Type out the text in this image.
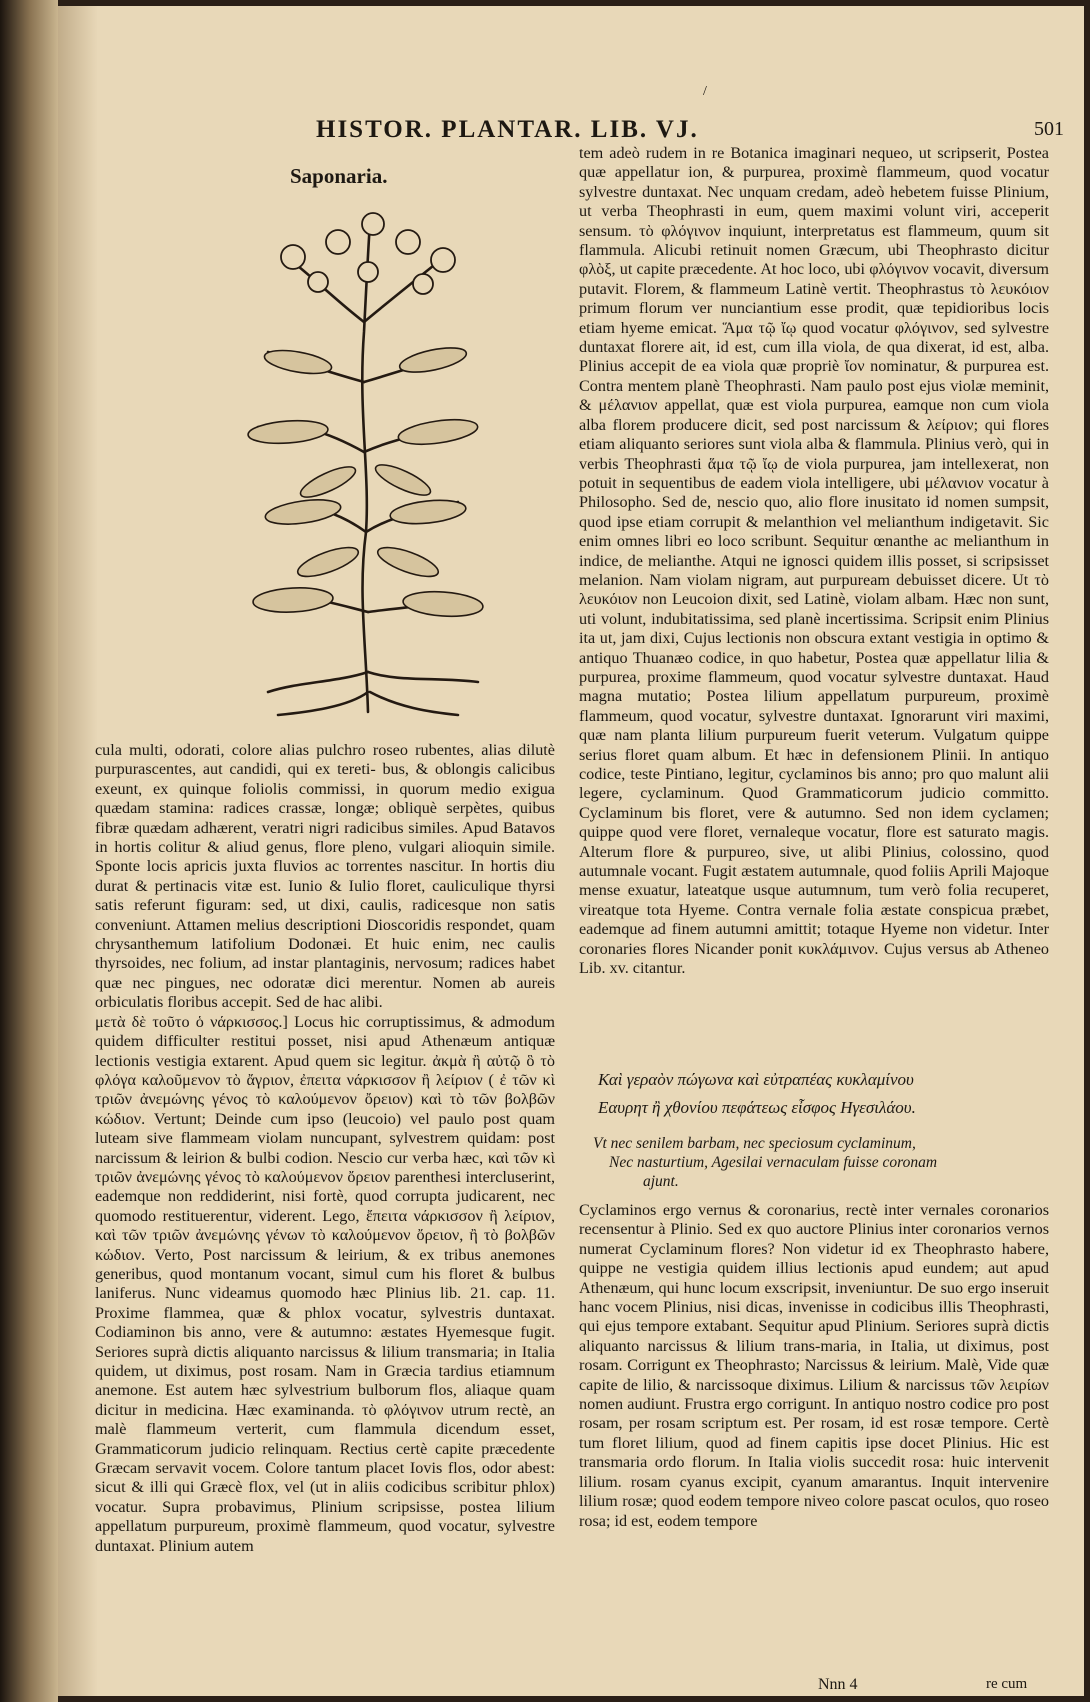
/
HISTOR. PLANTAR. LIB. VJ.	501
Saponaria.

cula multi, odorati, colore alias pulchro roseo rubentes, alias dilutè purpurascentes, aut candidi, qui ex tereti- bus, & oblongis calicibus exeunt, ex quinque foliolis commissi, in quorum medio exigua quædam stamina: radices crassæ, longæ; obliquè serpètes, quibus fibræ quædam adhærent, veratri nigri radicibus similes. Apud Batavos in hortis colitur & aliud genus, flore pleno, vulgari alioquin simile. Sponte locis apricis juxta fluvios ac torrentes nascitur. In hortis diu durat & pertinacis vitæ est. Iunio & Iulio floret, cauliculique thyrsi satis referunt figuram: sed, ut dixi, caulis, radicesque non satis conveniunt. Attamen melius descriptioni Dioscoridis respondet, quam chrysanthemum latifolium Dodonæi. Et huic enim, nec caulis thyrsoides, nec folium, ad instar plantaginis, nervosum; radices habet quæ nec pingues, nec odoratæ dici merentur. Nomen ab aureis orbiculatis floribus accepit. Sed de hac alibi.

μετὰ δὲ τοῦτο ὁ νάρκισσος.] Locus hic corruptissimus, & admodum quidem difficulter restitui posset, nisi apud Athenæum antiquæ lectionis vestigia extarent. Apud quem sic legitur. ἀκμὰ ἢ αὐτῷ ὃ τὸ φλόγα καλοῦμενον τὸ ἄγριον, ἐπειτα νάρκισσον ἢ λείριον ( ἐ τῶν κὶ τριῶν ἀνεμώνης γένος τὸ καλούμενον ὄρειον) καὶ τὸ τῶν βολβῶν κώδιον. Vertunt; Deinde cum ipso (leucoio) vel paulo post quam luteam sive flammeam violam nuncupant, sylvestrem quidam: post narcissum & leirion & bulbi codion. Nescio cur verba hæc, καὶ τῶν κὶ τριῶν ἀνεμώνης γένος τὸ καλούμενον ὄρειον parenthesi intercluserint, eademque non reddiderint, nisi fortè, quod corrupta judicarent, nec quomodo restituerentur, viderent. Lego, ἔπειτα νάρκισσον ἢ λείριον, καὶ τῶν τριῶν ἀνεμώνης γένων τὸ καλούμενον ὄρειον, ἢ τὸ βολβῶν κώδιον. Verto, Post narcissum & leirium, & ex tribus anemones generibus, quod montanum vocant, simul cum his floret & bulbus laniferus. Nunc videamus quomodo hæc Plinius lib. 21. cap. 11. Proxime flammea, quæ & phlox vocatur, sylvestris duntaxat. Codiaminon bis anno, vere & autumno: æstates Hyemesque fugit. Seriores suprà dictis aliquanto narcissus & lilium transmaria; in Italia quidem, ut diximus, post rosam. Nam in Græcia tardius etiamnum anemone. Est autem hæc sylvestrium bulborum flos, aliaque quam dicitur in medicina. Hæc examinanda. τὸ φλόγινον utrum rectè, an malè flammeum verterit, cum flammula dicendum esset, Grammaticorum judicio relinquam. Rectius certè capite præcedente Græcam servavit vocem. Colore tantum placet Iovis flos, odor abest: sicut & illi qui Græcè flox, vel (ut in aliis codicibus scribitur phlox) vocatur. Supra probavimus, Plinium scripsisse, postea lilium appellatum purpureum, proximè flammeum, quod vocatur, sylvestre duntaxat. Plinium autem

tem adeò rudem in re Botanica imaginari nequeo, ut scripserit, Postea quæ appellatur ion, & purpurea, proximè flammeum, quod vocatur sylvestre duntaxat. Nec unquam credam, adeò hebetem fuisse Plinium, ut verba Theophrasti in eum, quem maximi volunt viri, acceperit sensum. τὸ φλόγινον inquiunt, interpretatus est flammeum, quum sit flammula. Alicubi retinuit nomen Græcum, ubi Theophrasto dicitur φλὸξ, ut capite præcedente. At hoc loco, ubi φλόγινον vocavit, diversum putavit. Florem, & flammeum Latinè vertit. Theophrastus τὸ λευκόιον primum florum ver nunciantium esse prodit, quæ tepidioribus locis etiam hyeme emicat. Ἅμα τῷ ἴῳ quod vocatur φλόγινον, sed sylvestre duntaxat florere ait, id est, cum illa viola, de qua dixerat, id est, alba. Plinius accepit de ea viola quæ propriè ἴον nominatur, & purpurea est. Contra mentem planè Theophrasti. Nam paulo post ejus violæ meminit, & μέλανιον appellat, quæ est viola purpurea, eamque non cum viola alba florem producere dicit, sed post narcissum & λείριον; qui flores etiam aliquanto seriores sunt viola alba & flammula. Plinius verò, qui in verbis Theophrasti ἅμα τῷ ἴῳ de viola purpurea, jam intellexerat, non potuit in sequentibus de eadem viola intelligere, ubi μέλανιον vocatur à Philosopho. Sed de, nescio quo, alio flore inusitato id nomen sumpsit, quod ipse etiam corrupit & melanthion vel melianthum indigetavit. Sic enim omnes libri eo loco scribunt. Sequitur œnanthe ac melianthum in indice, de melianthe. Atqui ne ignosci quidem illis posset, si scripsisset melanion. Nam violam nigram, aut purpuream debuisset dicere. Ut τὸ λευκόιον non Leucoion dixit, sed Latinè, violam albam. Hæc non sunt, uti volunt, indubitatissima, sed planè incertissima. Scripsit enim Plinius ita ut, jam dixi, Cujus lectionis non obscura extant vestigia in optimo & antiquo Thuanæo codice, in quo habetur, Postea quæ appellatur lilia & purpurea, proxime flammeum, quod vocatur sylvestre duntaxat. Haud magna mutatio; Postea lilium appellatum purpureum, proximè flammeum, quod vocatur, sylvestre duntaxat. Ignorarunt viri maximi, quæ nam planta lilium purpureum fuerit veterum. Vulgatum quippe serius floret quam album. Et hæc in defensionem Plinii. In antiquo codice, teste Pintiano, legitur, cyclaminos bis anno; pro quo malunt alii legere, cyclaminum. Quod Grammaticorum judicio committo. Cyclaminum bis floret, vere & autumno. Sed non idem cyclamen; quippe quod vere floret, vernaleque vocatur, flore est saturato magis. Alterum flore & purpureo, sive, ut alibi Plinius, colossino, quod autumnale vocant. Fugit æstatem autumnale, quod foliis Aprili Majoque mense exuatur, lateatque usque autumnum, tum verò folia recuperet, vireatque tota Hyeme. Contra vernale folia æstate conspicua præbet, eademque ad finem autumni amittit; totaque Hyeme non videtur. Inter coronaries flores Nicander ponit κυκλάμινον. Cujus versus ab Atheneo Lib. xv. citantur.

Καὶ γεραὸν πώγωνα καὶ εὐτραπέας κυκλαμίνου
Εαυρητ ἢ χθονίου πεφάτεως εἶσφος Ηγεσιλάου.
Vt nec senilem barbam, nec speciosum cyclaminum,
Nec nasturtium, Agesilai vernaculam fuisse coronam
ajunt.

Cyclaminos ergo vernus & coronarius, rectè inter vernales coronarios recensentur à Plinio. Sed ex quo auctore Plinius inter coronarios vernos numerat Cyclaminum flores? Non videtur id ex Theophrasto habere, quippe ne vestigia quidem illius lectionis apud eundem; aut apud Athenæum, qui hunc locum exscripsit, inveniuntur. De suo ergo inseruit hanc vocem Plinius, nisi dicas, invenisse in codicibus illis Theophrasti, qui ejus tempore extabant. Sequitur apud Plinium. Seriores suprà dictis aliquanto narcissus & lilium trans-maria, in Italia, ut diximus, post rosam. Corrigunt ex Theophrasto; Narcissus & leirium. Malè, Vide quæ capite de lilio, & narcissoque diximus. Lilium & narcissus τῶν λειρίων nomen audiunt. Frustra ergo corrigunt. In antiquo nostro codice pro post rosam, per rosam scriptum est. Per rosam, id est rosæ tempore. Certè tum floret lilium, quod ad finem capitis ipse docet Plinius. Hic est transmaria ordo florum. In Italia violis succedit rosa: huic intervenit lilium. rosam cyanus excipit, cyanum amarantus. Inquit intervenire lilium rosæ; quod eodem tempore niveo colore pascat oculos, quo roseo rosa; id est, eodem tempore

Nnn 4	re cum
